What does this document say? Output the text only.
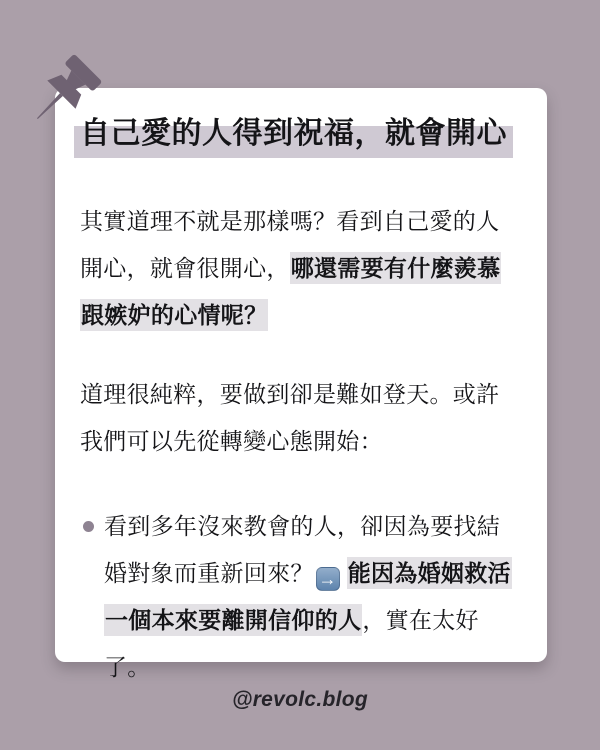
自己愛的人得到祝福，就會開心

其實道理不就是那樣嗎？看到自己愛的人開心，就會很開心，哪還需要有什麼羨慕跟嫉妒的心情呢？

道理很純粹，要做到卻是難如登天。或許我們可以先從轉變心態開始：

看到多年沒來教會的人，卻因為要找結婚對象而重新回來？ → 能因為婚姻救活一個本來要離開信仰的人，實在太好了。
@revolc.blog
